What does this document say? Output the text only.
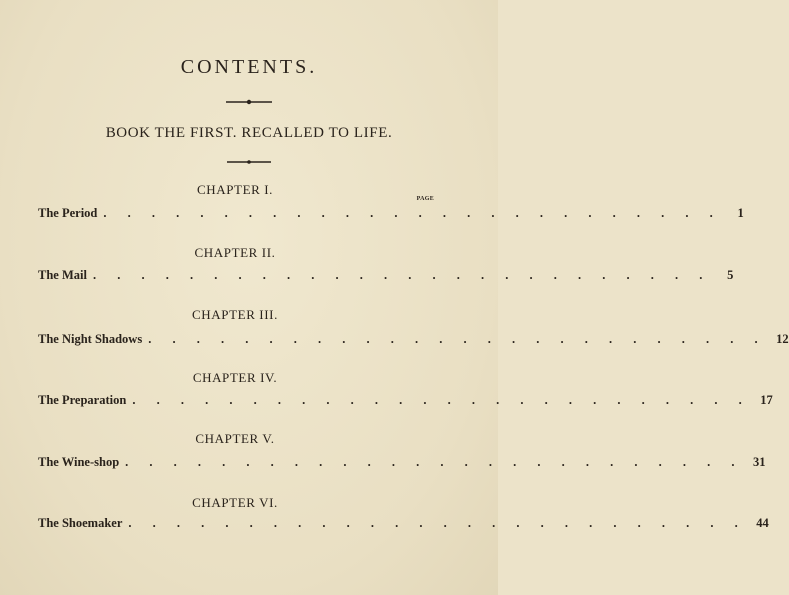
CONTENTS.
BOOK THE FIRST. RECALLED TO LIFE.
PAGE
CHAPTER I.
The Period . . . . . . . . . . . . . . . . . . . . . . . . . .	1
CHAPTER II.
The Mail . . . . . . . . . . . . . . . . . . . . . . . . . .	5
CHAPTER III.
The Night Shadows . . . . . . . . . . . . . . . . . . . . . . . . . . 12
CHAPTER IV.
The Preparation . . . . . . . . . . . . . . . . . . . . . . . . . . 17
CHAPTER V.
The Wine-shop . . . . . . . . . . . . . . . . . . . . . . . . . . 31
CHAPTER VI.
The Shoemaker . . . . . . . . . . . . . . . . . . . . . . . . . . 44
